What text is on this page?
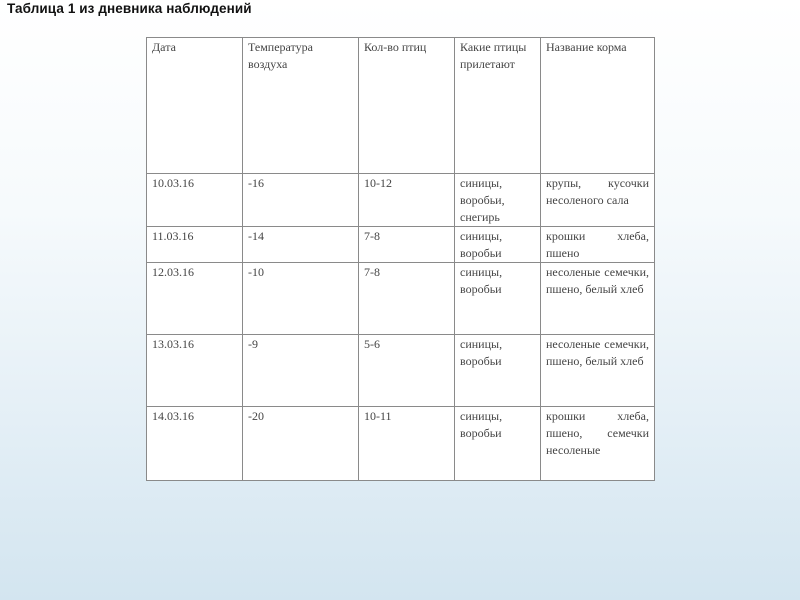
Таблица 1 из дневника наблюдений
Дата	Температура воздуха	Кол-во птиц	Какие птицы прилетают	Название корма
10.03.16	-16	10-12	синицы, воробьи, снегирь	крупы, кусочки несоленого сала
11.03.16	-14	7-8	синицы, воробьи	крошки хлеба, пшено
12.03.16	-10	7-8	синицы, воробьи	несоленые семечки, пшено, белый хлеб
13.03.16	-9	5-6	синицы, воробьи	несоленые семечки, пшено, белый хлеб
14.03.16	-20	10-11	синицы, воробьи	крошки хлеба, пшено, семечки несоленые
